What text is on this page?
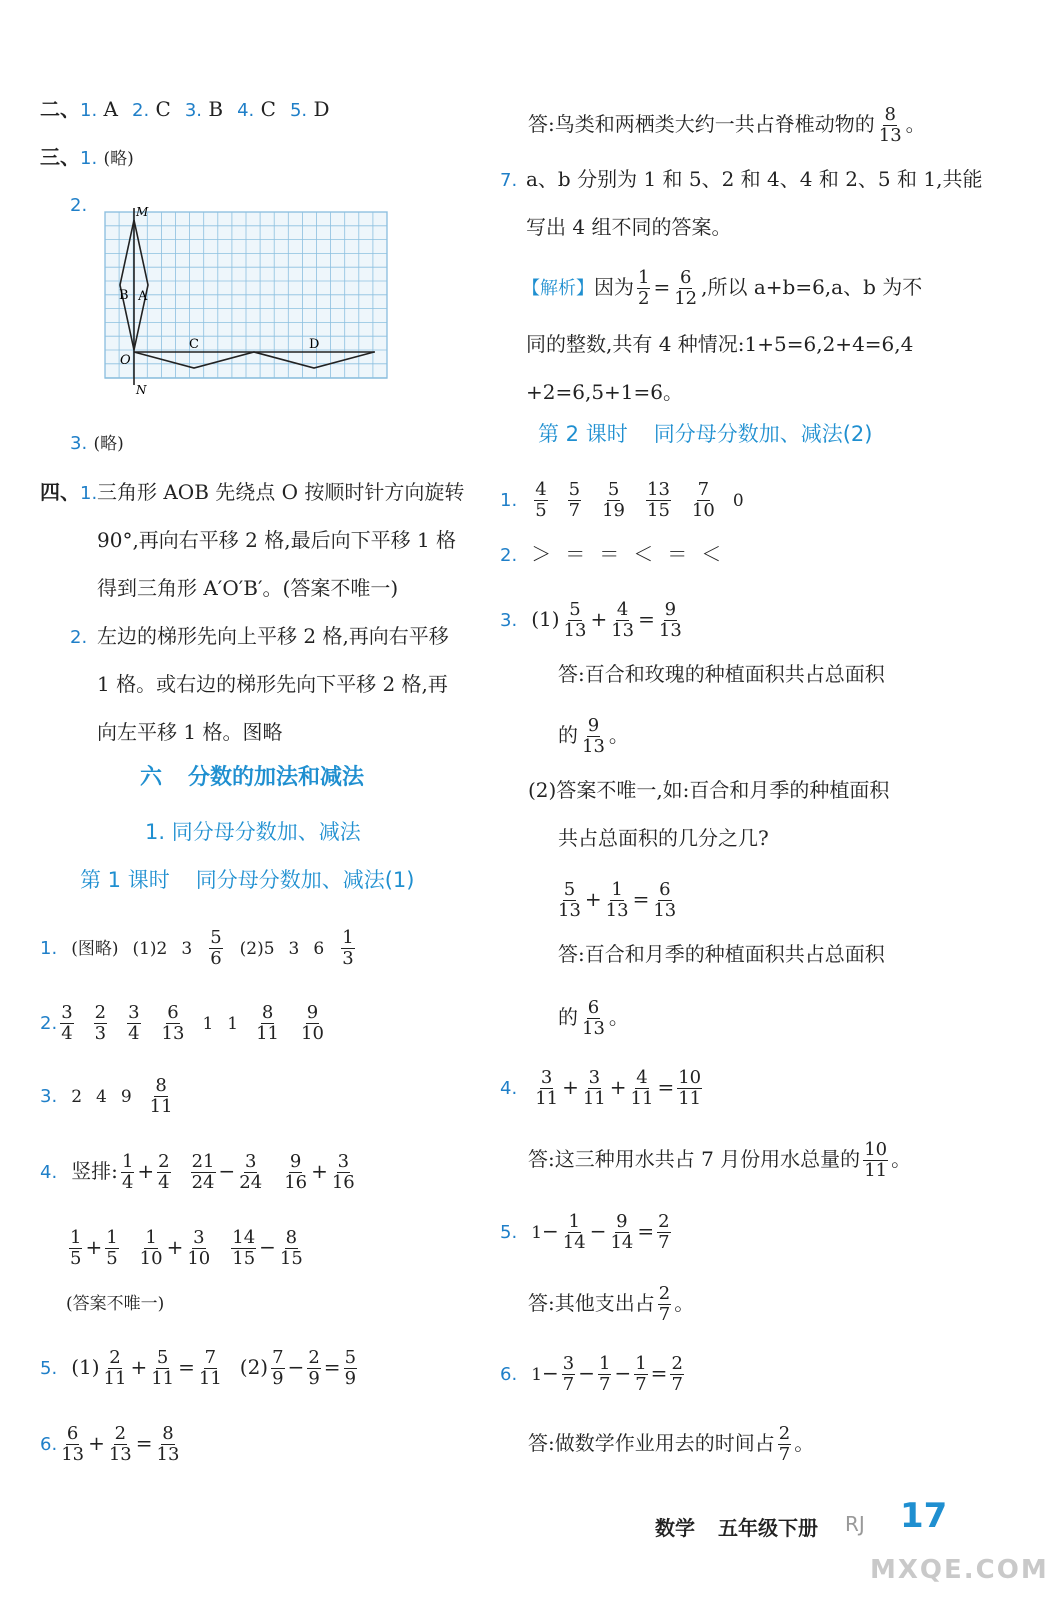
二、1. A 2. C 3. B 4. C 5. D
三、1. (略)
2.	M
N
O
A
B
C	D
3. (略)
四、1. 三角形 AOB 先绕点 O 按顺时针方向旋转
90°,再向右平移 2 格,最后向下平移 1 格
得到三角形 A′O′B′。(答案不唯一)
2. 左边的梯形先向上平移 2 格,再向右平移
1 格。或右边的梯形先向下平移 2 格,再
向左平移 1 格。图略
六 分数的加法和减法
1. 同分母分数加、减法
第 1 课时 同分母分数加、减法(1)
1. (图略) (1)2 $3 \frac{5}{6} (2)5$ 3 $6 \frac{1}{3}$
2. $\frac{3}{4} \frac{2}{3} \frac{3}{4} \frac{6}{13} 1$ $1 \frac{8}{11} \frac{9}{10}$
3. 2 4 $9 \frac{8}{11}$
4. 竖排: $\frac{1}{4} + \frac{2}{4} \frac{21}{24} - \frac{3}{24} \frac{9}{16} + \frac{3}{16}$
$\frac{1}{5} + \frac{1}{5} \frac{1}{10} + \frac{3}{10} \frac{14}{15} - \frac{8}{15}$
(答案不唯一)
5. $(1) \frac{2}{11} + \frac{5}{11} = \frac{7}{11} (2) \frac{7}{9} - \frac{2}{9} = \frac{5}{9}$
6. $\frac{6}{13} + \frac{2}{13} = \frac{8}{13}$
答:鸟类和两栖类大约一共占脊椎动物的 $\frac{8}{13}$ 。
7. a、b 分别为 1 和 5、2 和 4、4 和 2、5 和 1,共能
写出 4 组不同的答案。
【解析】因为 $\frac{1}{2} = \frac{6}{12}$ ,所以 a+b=6,a、b 为不
同的整数,共有 4 种情况:1+5=6,2+4=6,4
+2=6,5+1=6。
第 2 课时 同分母分数加、减法(2)
1. $\frac{4}{5} \frac{5}{7} \frac{5}{19} \frac{13}{15} \frac{7}{10} 0$
2. ＞ ＝ ＝ ＜ ＝ ＜
3. $(1) \frac{5}{13} + \frac{4}{13} = \frac{9}{13}$
答:百合和玫瑰的种植面积共占总面积
的 $\frac{9}{13}$ 。
(2)答案不唯一,如:百合和月季的种植面积
共占总面积的几分之几?
$\frac{5}{13} + \frac{1}{13} = \frac{6}{13}$
答:百合和月季的种植面积共占总面积
的 $\frac{6}{13}$ 。
4. $\frac{3}{11} + \frac{3}{11} + \frac{4}{11} = \frac{10}{11}$
答:这三种用水共占 7 月份用水总量的 $\frac{10}{11}$ 。
5. $1- \frac{1}{14} - \frac{9}{14} = \frac{2}{7}$
答:其他支出占 $\frac{2}{7}$ 。
6. $1- \frac{3}{7} - \frac{1}{7} - \frac{1}{7} = \frac{2}{7}$
答:做数学作业用去的时间占 $\frac{2}{7}$ 。
数学 五年级下册 RJ 17
MXQE.COM
